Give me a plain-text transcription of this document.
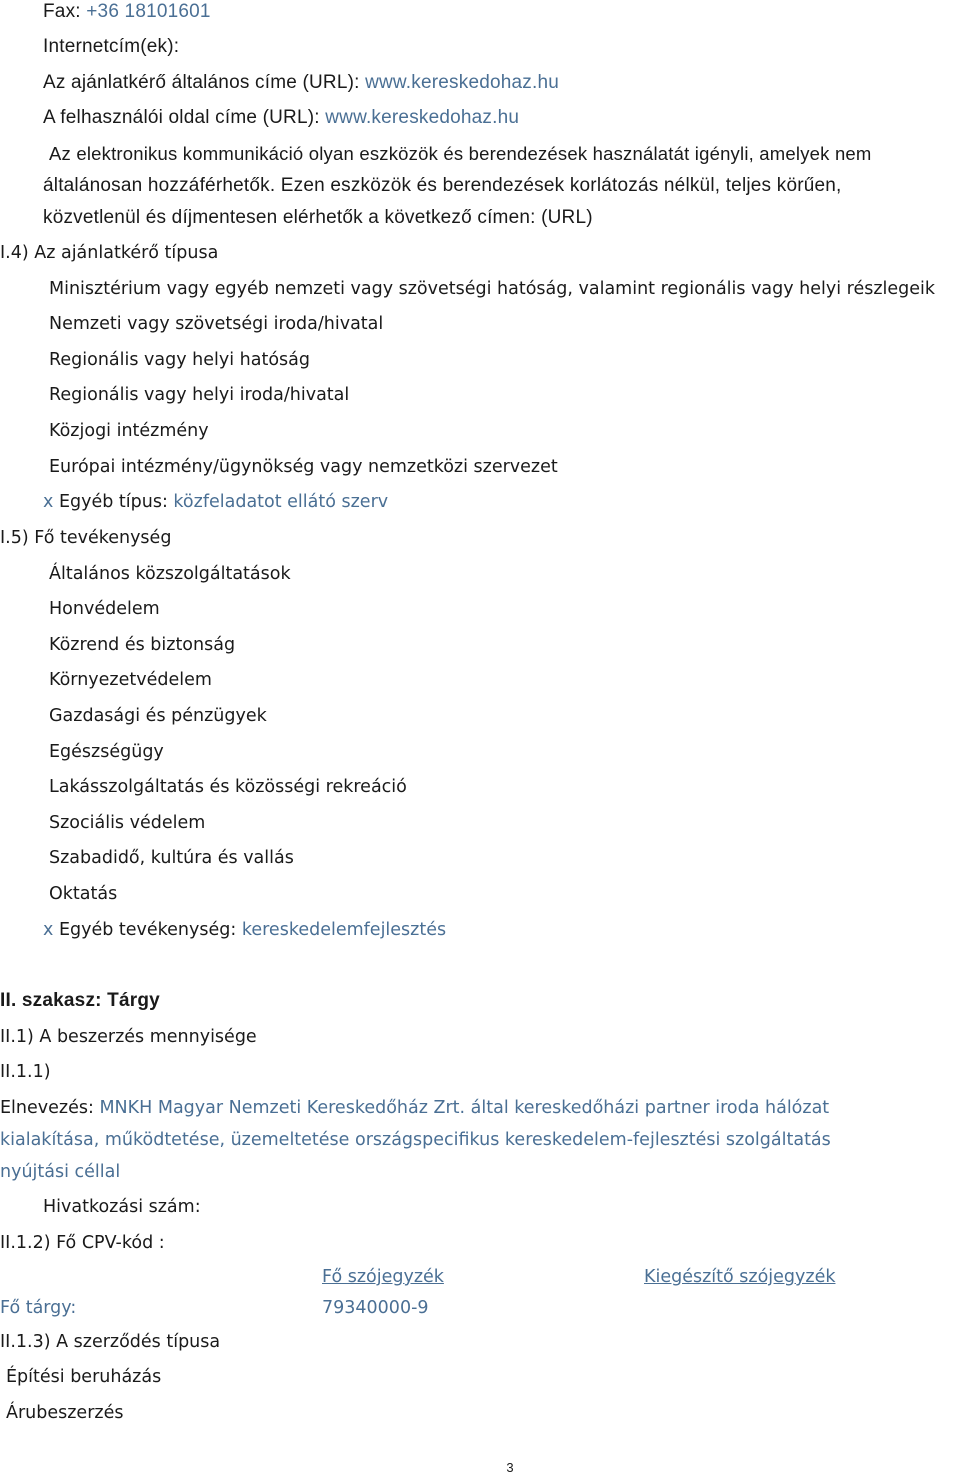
Fax: +36 18101601
Internetcím(ek):
Az ajánlatkérő általános címe (URL): www.kereskedohaz.hu
A felhasználói oldal címe (URL): www.kereskedohaz.hu
Az elektronikus kommunikáció olyan eszközök és berendezések használatát igényli, amelyek nem
általánosan hozzáférhetők. Ezen eszközök és berendezések korlátozás nélkül, teljes körűen,
közvetlenül és díjmentesen elérhetők a következő címen: (URL)
I.4) Az ajánlatkérő típusa
Minisztérium vagy egyéb nemzeti vagy szövetségi hatóság, valamint regionális vagy helyi részlegeik
Nemzeti vagy szövetségi iroda/hivatal
Regionális vagy helyi hatóság
Regionális vagy helyi iroda/hivatal
Közjogi intézmény
Európai intézmény/ügynökség vagy nemzetközi szervezet
x Egyéb típus: közfeladatot ellátó szerv
I.5) Fő tevékenység
Általános közszolgáltatások
Honvédelem
Közrend és biztonság
Környezetvédelem
Gazdasági és pénzügyek
Egészségügy
Lakásszolgáltatás és közösségi rekreáció
Szociális védelem
Szabadidő, kultúra és vallás
Oktatás
x Egyéb tevékenység: kereskedelemfejlesztés
II. szakasz: Tárgy
II.1) A beszerzés mennyisége
II.1.1)
Elnevezés: MNKH Magyar Nemzeti Kereskedőház Zrt. által kereskedőházi partner iroda hálózat
kialakítása, működtetése, üzemeltetése országspecifikus kereskedelem-fejlesztési szolgáltatás
nyújtási céllal
Hivatkozási szám:
II.1.2) Fő CPV-kód :
Fő szójegyzék	Kiegészítő szójegyzék
Fő tárgy:	79340000-9
II.1.3) A szerződés típusa
Építési beruházás
Árubeszerzés
3
